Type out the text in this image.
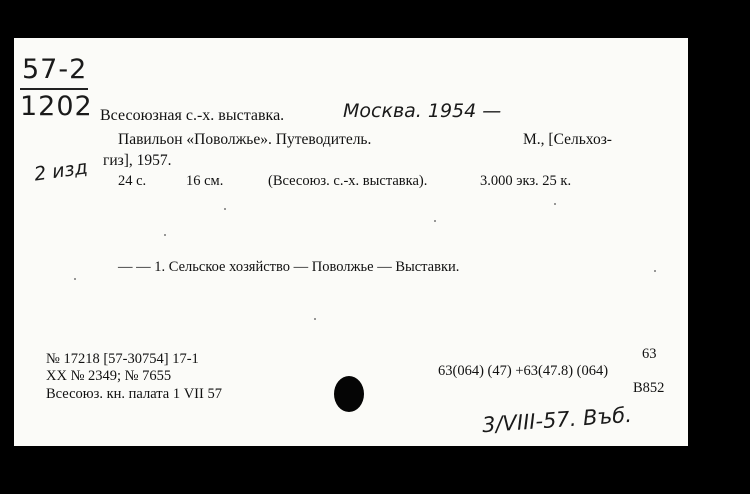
57-2
1202 Всесоюзная с.-х. выставка.	Москва. 1954 —
Павильон «Поволжье». Путеводитель.	М., [Сельхоз-
гиз], 1957.
2 изд 24 с.	16 см.	(Всесоюз. с.-х. выставка).	3.000 экз. 25 к.
— — 1. Сельское хозяйство — Поволжье — Выставки.
№ 17218 [57-30754] 17-1
XX № 2349; № 7655
Всесоюз. кн. палата 1 VII 57
63
63(064) (47) +63(47.8) (064)
В852
3/VIII-57. Въб.
